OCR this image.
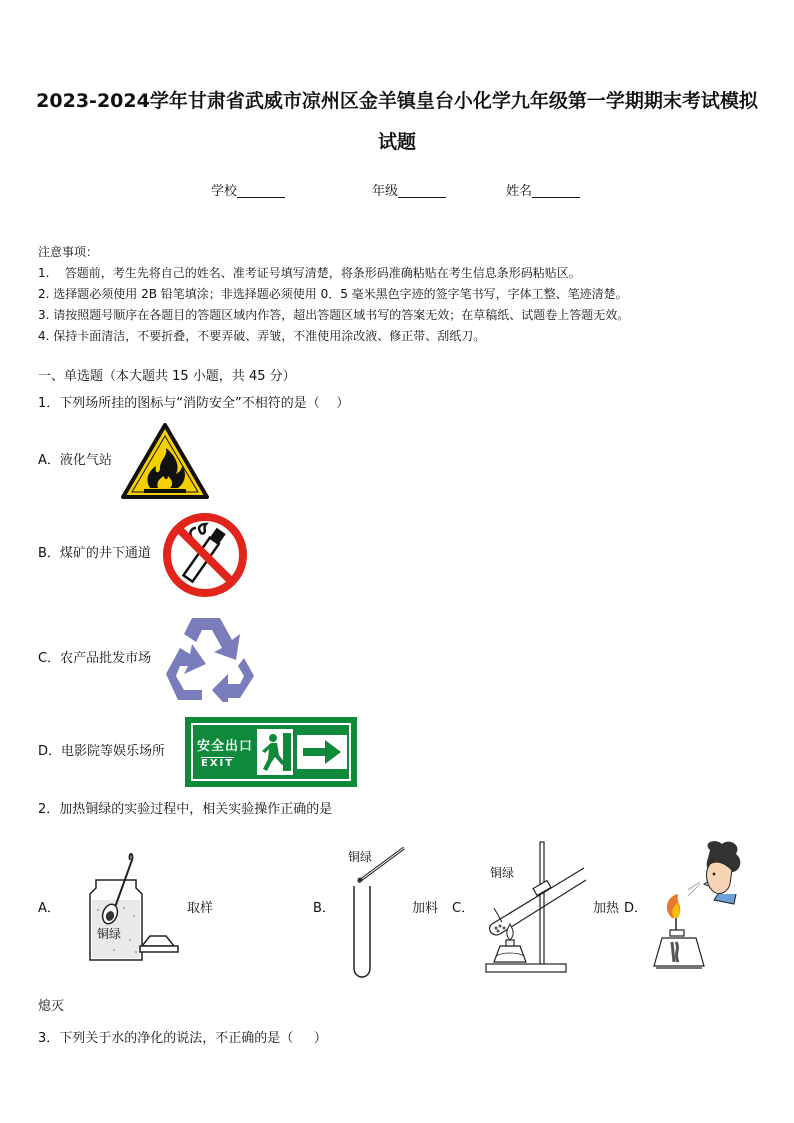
2023-2024学年甘肃省武威市凉州区金羊镇皇台小化学九年级第一学期期末考试模拟
试题
学校	年级	姓名
注意事项：
1.    答题前，考生先将自己的姓名、准考证号填写清楚，将条形码准确粘贴在考生信息条形码粘贴区。
2. 选择题必须使用 2B 铅笔填涂；非选择题必须使用 0．5 毫米黑色字迹的签字笔书写，字体工整、笔迹清楚。
3. 请按照题号顺序在各题目的答题区域内作答，超出答题区域书写的答案无效；在草稿纸、试题卷上答题无效。
4. 保持卡面清洁，不要折叠，不要弄破、弄皱，不准使用涂改液、修正带、刮纸刀。
一、单选题（本大题共 15 小题，共 45 分）
1．下列场所挂的图标与“消防安全”不相符的是（    ）
A．液化气站
B．煤矿的井下通道
C．农产品批发市场
D．电影院等娱乐场所 安全出口
EXIT
2．加热铜绿的实验过程中，相关实验操作正确的是
A．
铜绿
取样	B．
铜绿
加料 C．
铜绿
加热 D．
熄灭
3．下列关于水的净化的说法，不正确的是（     ）
